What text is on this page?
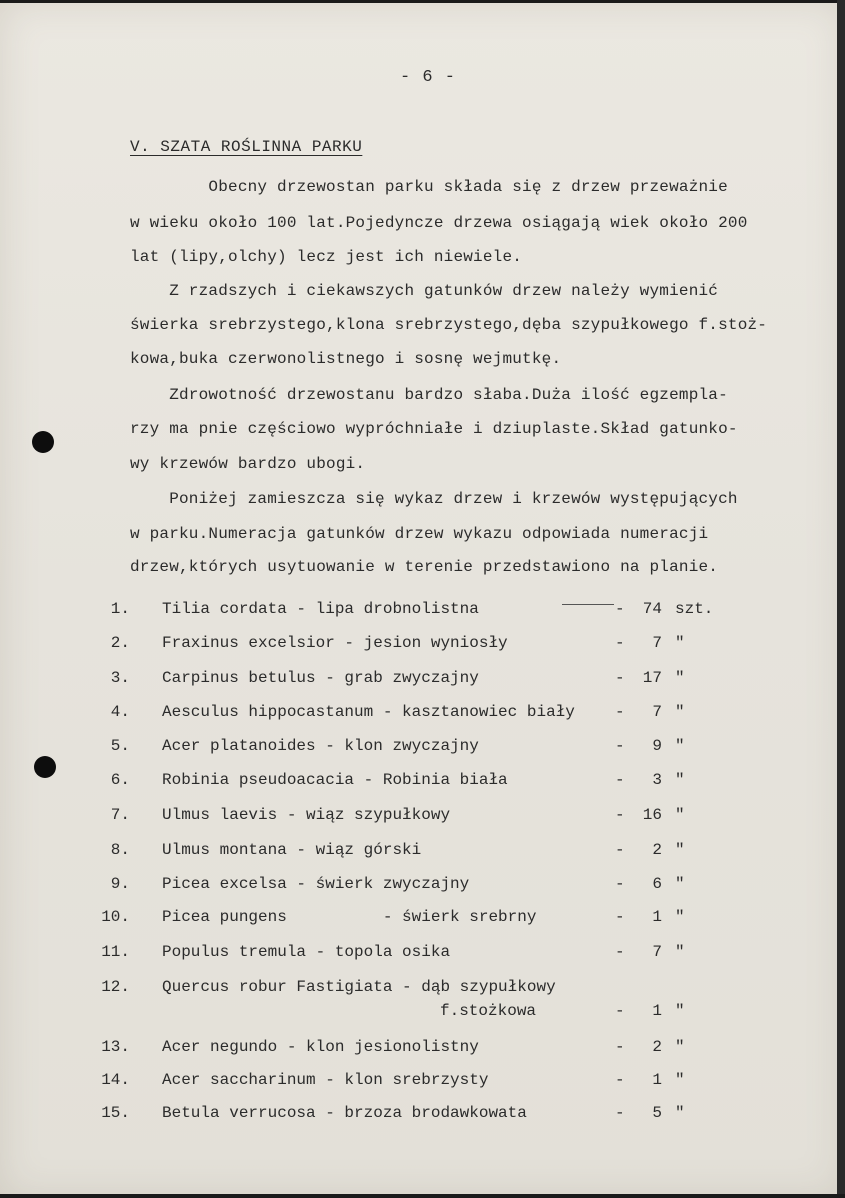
- 6 -
V. SZATA ROŚLINNA PARKU
Obecny drzewostan parku składa się z drzew przeważnie
w wieku około 100 lat.Pojedyncze drzewa osiągają wiek około 200
lat (lipy,olchy) lecz jest ich niewiele.
Z rzadszych i ciekawszych gatunków drzew należy wymienić
świerka srebrzystego,klona srebrzystego,dęba szypułkowego f.stoż-
kowa,buka czerwonolistnego i sosnę wejmutkę.
Zdrowotność drzewostanu bardzo słaba.Duża ilość egzempla-
rzy ma pnie częściowo wypróchniałe i dziuplaste.Skład gatunko-
wy krzewów bardzo ubogi.
Poniżej zamieszcza się wykaz drzew i krzewów występujących
w parku.Numeracja gatunków drzew wykazu odpowiada numeracji
drzew,których usytuowanie w terenie przedstawiono na planie.
1. Tilia cordata - lipa drobnolistna	-	74 szt.
2. Fraxinus excelsior - jesion wyniosły	-	7 "
3. Carpinus betulus - grab zwyczajny	-	17 "
4. Aesculus hippocastanum - kasztanowiec biały	-	7 "
5. Acer platanoides - klon zwyczajny	-	9 "
6. Robinia pseudoacacia - Robinia biała	-	3 "
7. Ulmus laevis - wiąz szypułkowy	-	16 "
8. Ulmus montana - wiąz górski	-	2 "
9. Picea excelsa - świerk zwyczajny	-	6 "
10. Picea pungens          - świerk srebrny	-	1 "
11. Populus tremula - topola osika	-	7 "
12. Quercus robur Fastigiata - dąb szypułkowy
f.stożkowa	-	1 "
13. Acer negundo - klon jesionolistny	-	2 "
14. Acer saccharinum - klon srebrzysty	-	1 "
15. Betula verrucosa - brzoza brodawkowata	-	5 "
